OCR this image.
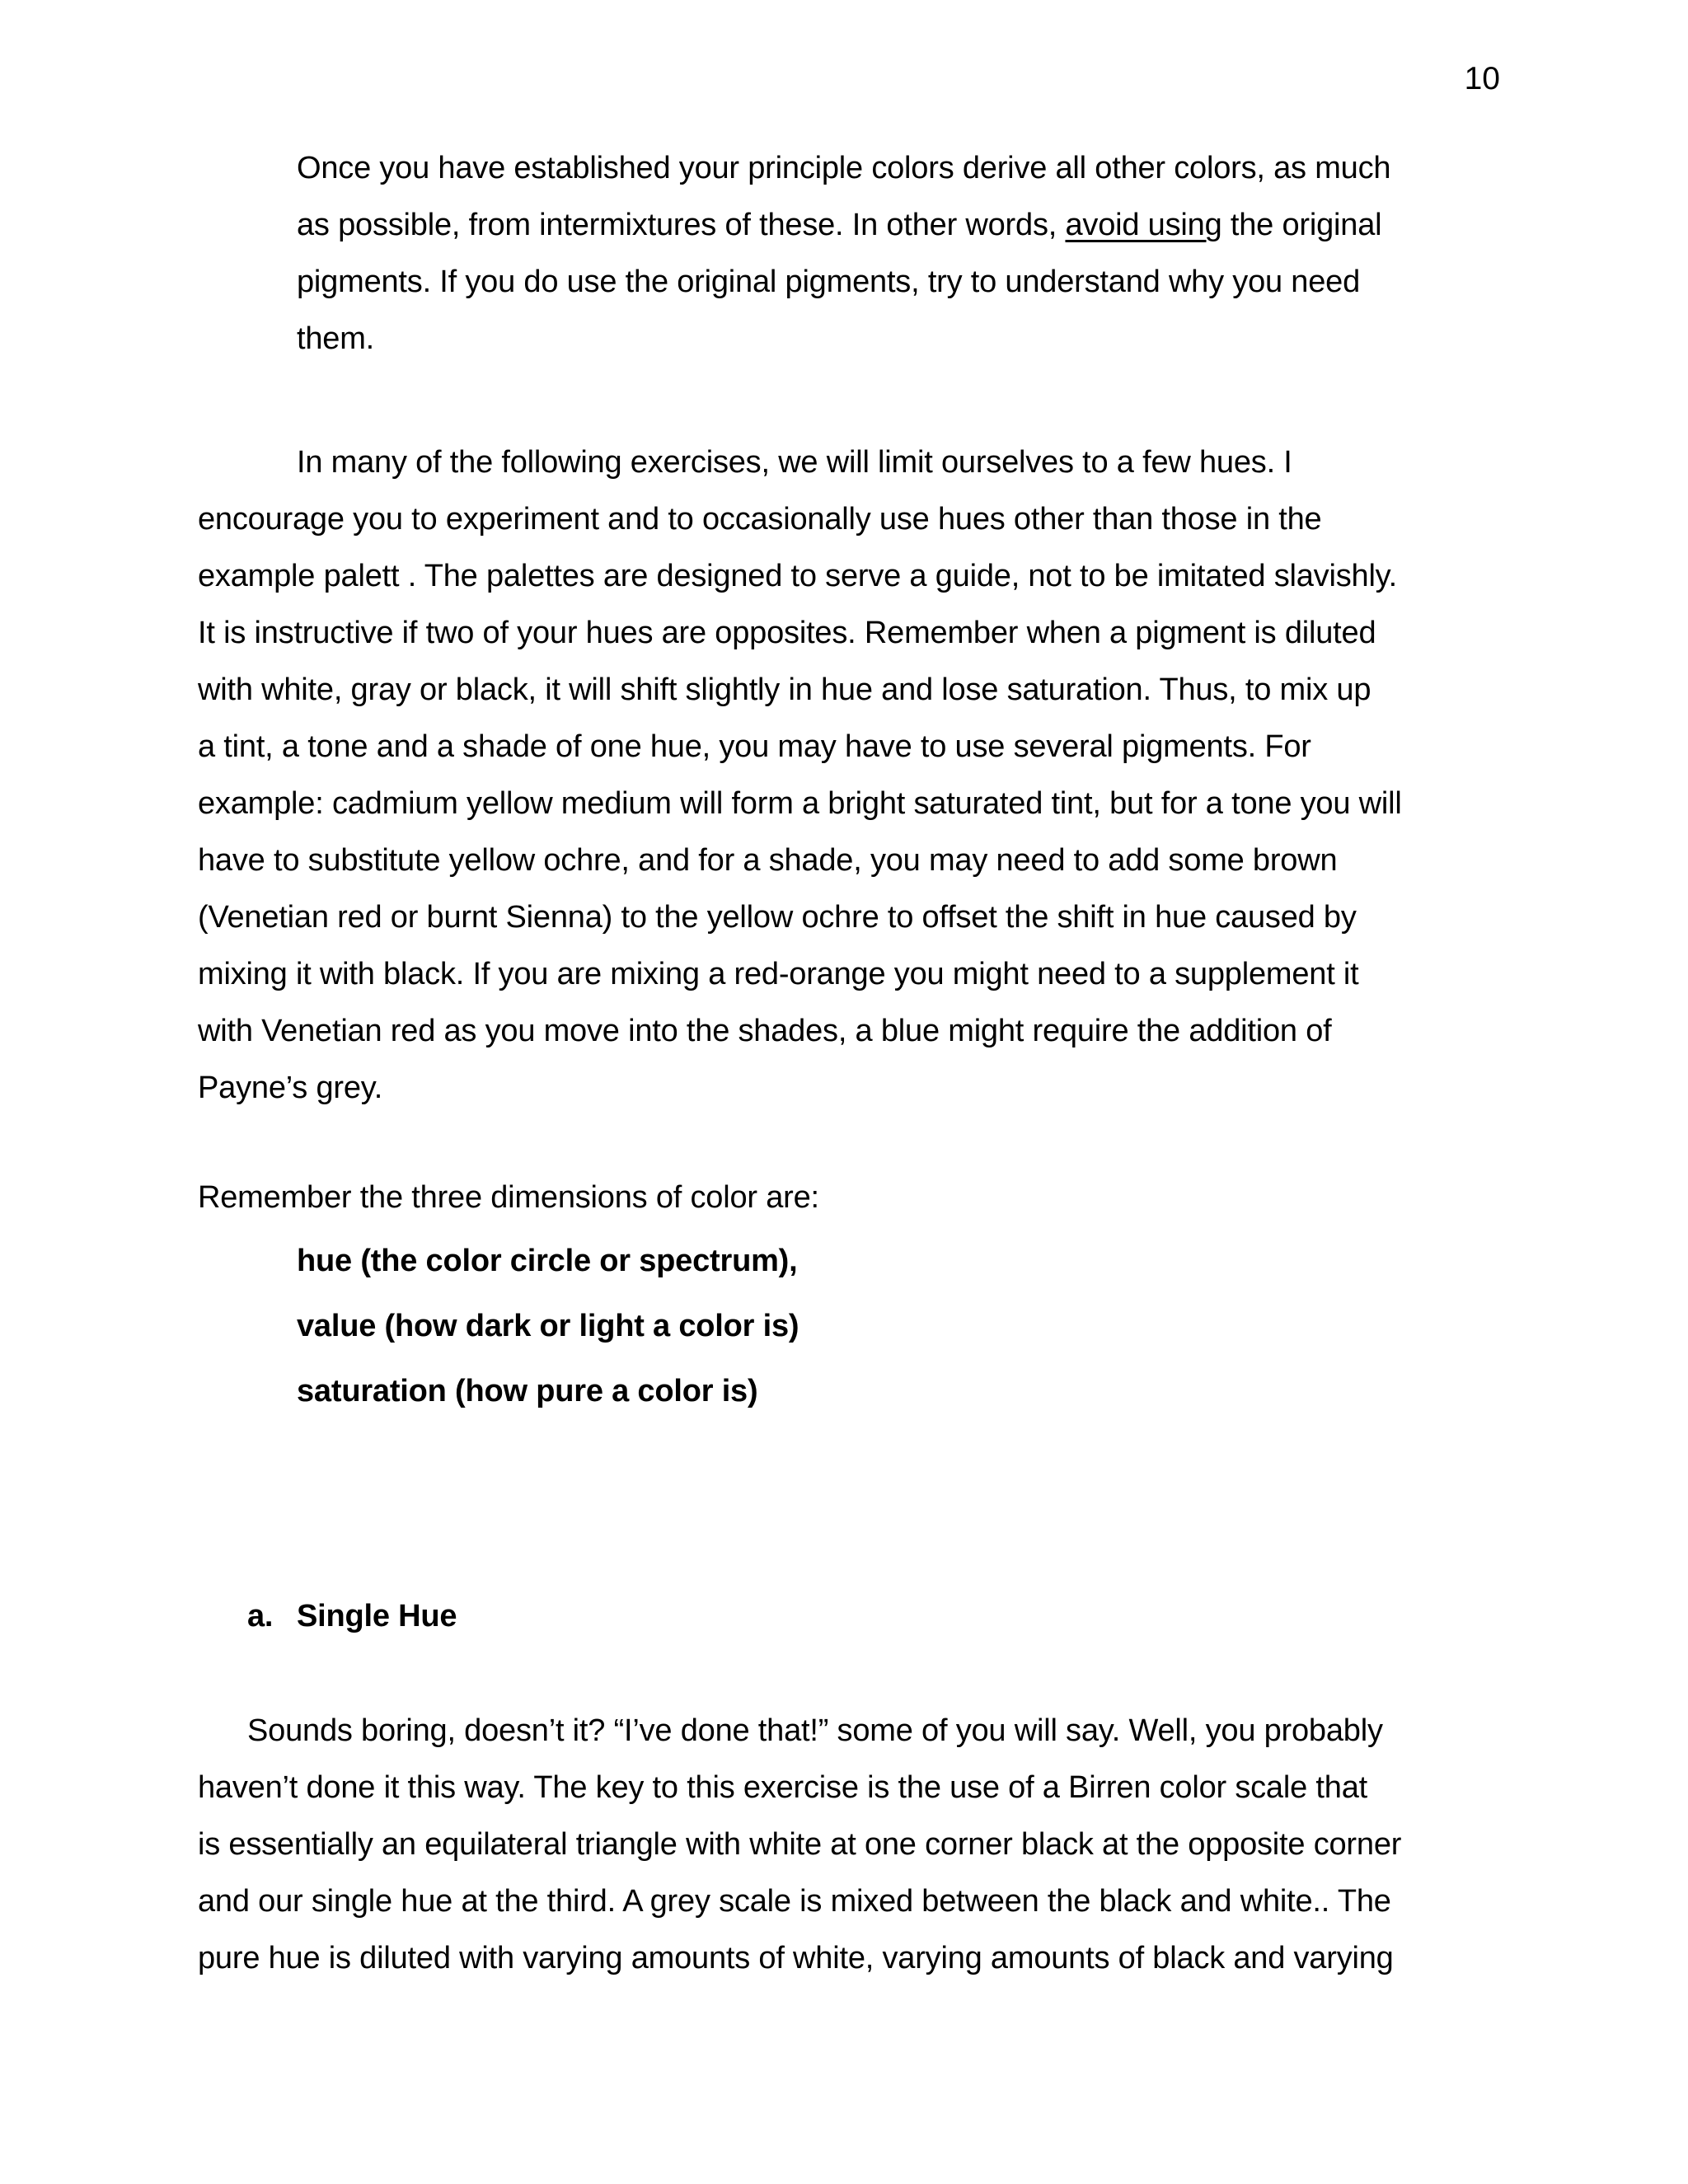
10
Once you have established your principle colors derive all other colors, as much
as possible, from intermixtures of these. In other words, avoid using the original
pigments. If you do use the original pigments, try to understand why you need
them.
In many of the following exercises, we will limit ourselves to a few hues. I
encourage you to experiment and to occasionally use hues other than those in the
example palett . The palettes are designed to serve a guide, not to be imitated slavishly.
It is instructive if two of your hues are opposites. Remember when a pigment is diluted
with white, gray or black, it will shift slightly in hue and lose saturation. Thus, to mix up
a tint, a tone and a shade of one hue, you may have to use several pigments. For
example: cadmium yellow medium will form a bright saturated tint, but for a tone you will
have to substitute yellow ochre, and for a shade, you may need to add some brown
(Venetian red or burnt Sienna) to the yellow ochre to offset the shift in hue caused by
mixing it with black. If you are mixing a red-orange you might need to a supplement it
with Venetian red as you move into the shades, a blue might require the addition of
Payne’s grey.
Remember the three dimensions of color are:
hue (the color circle or spectrum),
value (how dark or light a color is)
saturation (how pure a color is)
a. Single Hue
Sounds boring, doesn’t it? “I’ve done that!” some of you will say. Well, you probably
haven’t done it this way. The key to this exercise is the use of a Birren color scale that
is essentially an equilateral triangle with white at one corner black at the opposite corner
and our single hue at the third. A grey scale is mixed between the black and white.. The
pure hue is diluted with varying amounts of white, varying amounts of black and varying
